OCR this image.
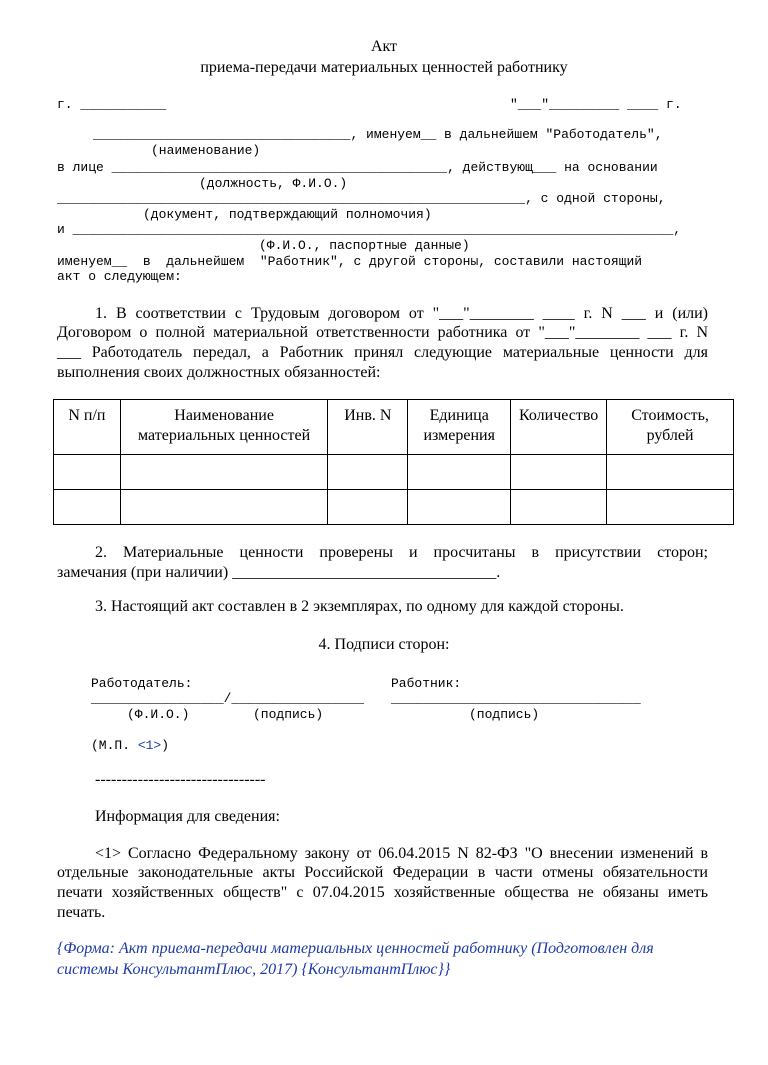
Акт
приема-передачи материальных ценностей работнику
г. ___________	"___"_________ ____ г.
_________________________________, именуем__ в дальнейшем "Работодатель",
(наименование)
в лице ___________________________________________, действующ___ на основании
(должность, Ф.И.О.)
____________________________________________________________, с одной стороны,
(документ, подтверждающий полномочия)
и _____________________________________________________________________________,
(Ф.И.О., паспортные данные)
именуем__  в  дальнейшем  "Работник", с другой стороны, составили настоящий
акт о следующем:
1. В соответствии с Трудовым договором от "___"________ ____ г. N ___ и (или)
Договором о полной материальной ответственности работника от "___"________ ___ г. N
___ Работодатель передал, а Работник принял следующие материальные ценности для
выполнения своих должностных обязанностей:
N п/п	Наименование материальных ценностей	Инв. N	Единица измерения	Количество	Стоимость, рублей

2. Материальные ценности проверены и просчитаны в присутствии сторон;
замечания (при наличии) _________________________________.
3. Настоящий акт составлен в 2 экземплярах, по одному для каждой стороны.
4. Подписи сторон:
Работодатель:
_________________/_________________
(Ф.И.О.)	(подпись)
Работник:
________________________________
(подпись)
(М.П. <1>)
--------------------------------
Информация для сведения:
<1> Согласно Федеральному закону от 06.04.2015 N 82-ФЗ "О внесении изменений в
отдельные законодательные акты Российской Федерации в части отмены обязательности
печати хозяйственных обществ" с 07.04.2015 хозяйственные общества не обязаны иметь
печать.
{Форма: Акт приема-передачи материальных ценностей работнику (Подготовлен для
системы КонсультантПлюс, 2017) {КонсультантПлюс}}
